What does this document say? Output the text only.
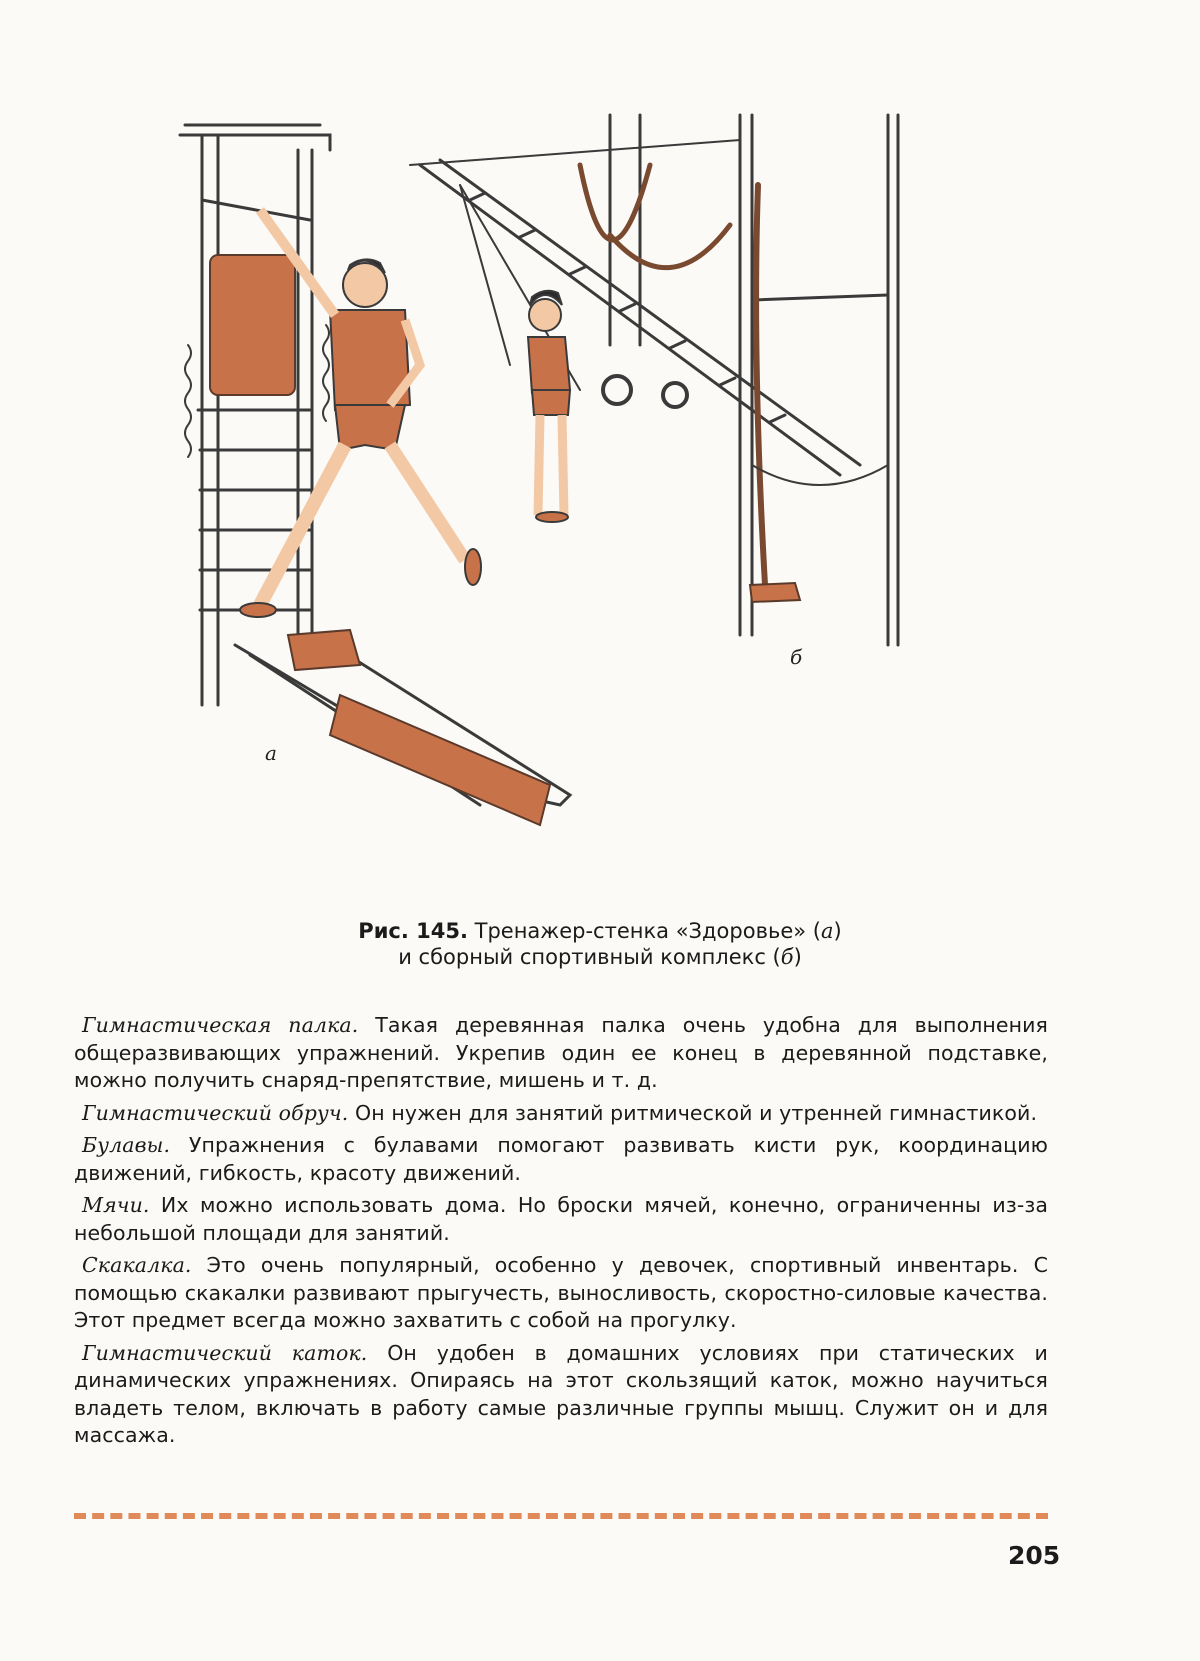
а
б
Рис. 145. Тренажер-стенка «Здоровье» (а)
и сборный спортивный комплекс (б)

Гимнастическая палка. Такая деревянная палка очень удобна для выполнения общеразвивающих упражнений. Укрепив один ее конец в деревянной подставке, можно получить снаряд-препятствие, мишень и т. д.

Гимнастический обруч. Он нужен для занятий ритмической и утренней гимнастикой.

Булавы. Упражнения с булавами помогают развивать кисти рук, координацию движений, гибкость, красоту движений.

Мячи. Их можно использовать дома. Но броски мячей, конечно, ограниченны из-за небольшой площади для занятий.

Скакалка. Это очень популярный, особенно у девочек, спортивный инвентарь. С помощью скакалки развивают прыгучесть, выносливость, скоростно-силовые качества. Этот предмет всегда можно захватить с собой на прогулку.

Гимнастический каток. Он удобен в домашних условиях при статических и динамических упражнениях. Опираясь на этот скользящий каток, можно научиться владеть телом, включать в работу самые различные группы мышц. Служит он и для массажа.

205
